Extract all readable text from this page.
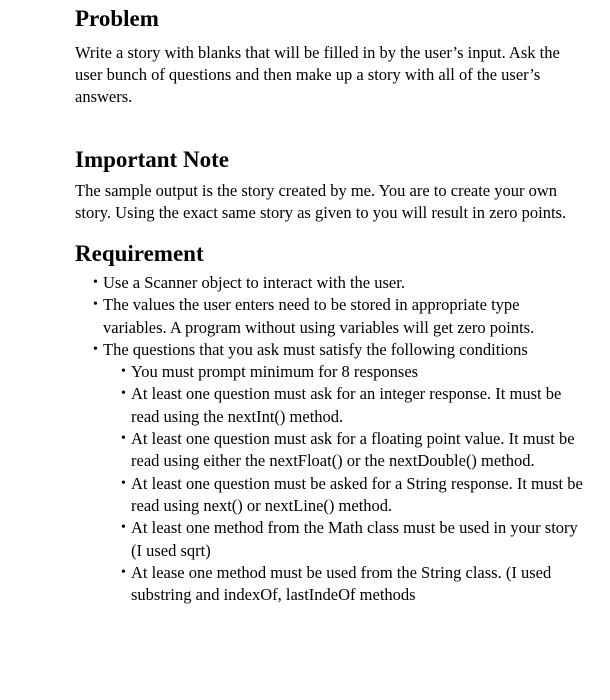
Problem

Write a story with blanks that will be filled in by the user’s input. Ask the user bunch of questions and then make up a story with all of the user’s answers.

Important Note

The sample output is the story created by me. You are to create your own story. Using the exact same story as given to you will result in zero points.

Requirement
• Use a Scanner object to interact with the user.
• The values the user enters need to be stored in appropriate type variables. A program without using variables will get zero points.
• The questions that you ask must satisfy the following conditions
• You must prompt minimum for 8 responses
• At least one question must ask for an integer response. It must be read using the nextInt() method.
• At least one question must ask for a floating point value. It must be read using either the nextFloat() or the nextDouble() method.
• At least one question must be asked for a String response. It must be read using next() or nextLine() method.
• At least one method from the Math class must be used in your story (I used sqrt)
• At lease one method must be used from the String class. (I used substring and indexOf, lastIndeOf methods
